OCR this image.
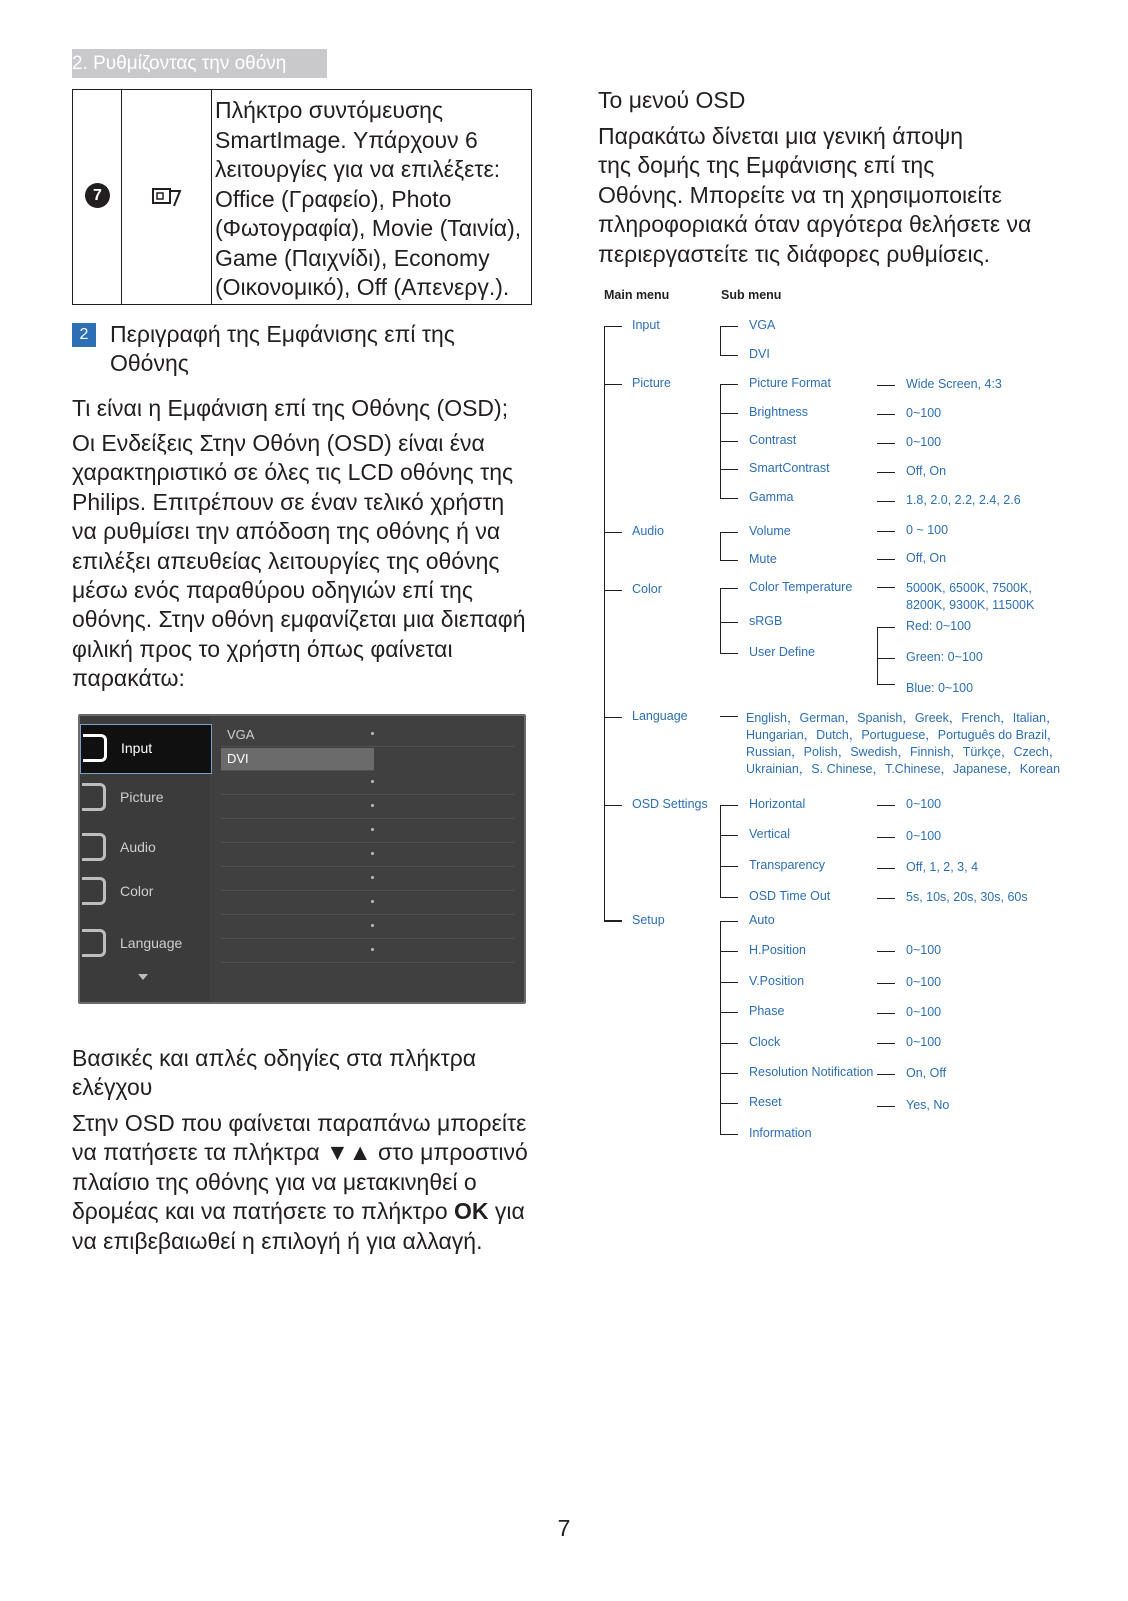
2. Ρυθμίζοντας την οθόνη
7
Πλήκτρο συντόμευσης
SmartImage. Υπάρχουν 6
λειτουργίες για να επιλέξετε:
Office (Γραφείο), Photo
(Φωτογραφία), Movie (Ταινία),
Game (Παιχνίδι), Economy
(Οικονομικό), Off (Απενεργ.).
2 Περιγραφή της Εμφάνισης επί της
Οθόνης
Τι είναι η Εμφάνιση επί της Οθόνης (OSD);
Οι Ενδείξεις Στην Οθόνη (OSD) είναι ένα
χαρακτηριστικό σε όλες τις LCD οθόνης της
Philips. Επιτρέπουν σε έναν τελικό χρήστη
να ρυθμίσει την απόδοση της οθόνης ή να
επιλέξει απευθείας λειτουργίες της οθόνης
μέσω ενός παραθύρου οδηγιών επί της
οθόνης. Στην οθόνη εμφανίζεται μια διεπαφή
φιλική προς το χρήστη όπως φαίνεται
παρακάτω:
Input
Picture
Audio
Color
Language
VGA
DVI
Βασικές και απλές οδηγίες στα πλήκτρα
ελέγχου
Στην OSD που φαίνεται παραπάνω μπορείτε
να πατήσετε τα πλήκτρα ▼▲ στο μπροστινό
πλαίσιο της οθόνης για να μετακινηθεί ο
δρομέας και να πατήσετε το πλήκτρο OK για
να επιβεβαιωθεί η επιλογή ή για αλλαγή.
Το μενού OSD
Παρακάτω δίνεται μια γενική άποψη
της δομής της Εμφάνισης επί της
Οθόνης. Μπορείτε να τη χρησιμοποιείτε
πληροφοριακά όταν αργότερα θελήσετε να
περιεργαστείτε τις διάφορες ρυθμίσεις.
Main menu	Sub menu
Input
Picture
Audio
Color
Language
OSD Settings
Setup
VGA
DVI
Picture Format
Brightness
Contrast
SmartContrast
Gamma
Wide Screen, 4:3
0~100
0~100
Off, On
1.8, 2.0, 2.2, 2.4, 2.6
Volume
Mute
0 ~ 100
Off, On
Color Temperature
sRGB
User Define
5000K, 6500K, 7500K,
8200K, 9300K, 11500K
Red: 0~100
Green: 0~100
Blue: 0~100
English，German，Spanish，Greek，French，Italian，
Hungarian，Dutch，Portuguese，Português do Brazil，
Russian，Polish，Swedish，Finnish，Türkçe，Czech，
Ukrainian，S. Chinese，T.Chinese，Japanese，Korean
Horizontal
Vertical
Transparency
OSD Time Out
0~100
0~100
Off, 1, 2, 3, 4
5s, 10s, 20s, 30s, 60s
Auto
H.Position
V.Position
Phase
Clock
Resolution Notification
Reset
Information
0~100
0~100
0~100
0~100
On, Off
Yes, No
7
